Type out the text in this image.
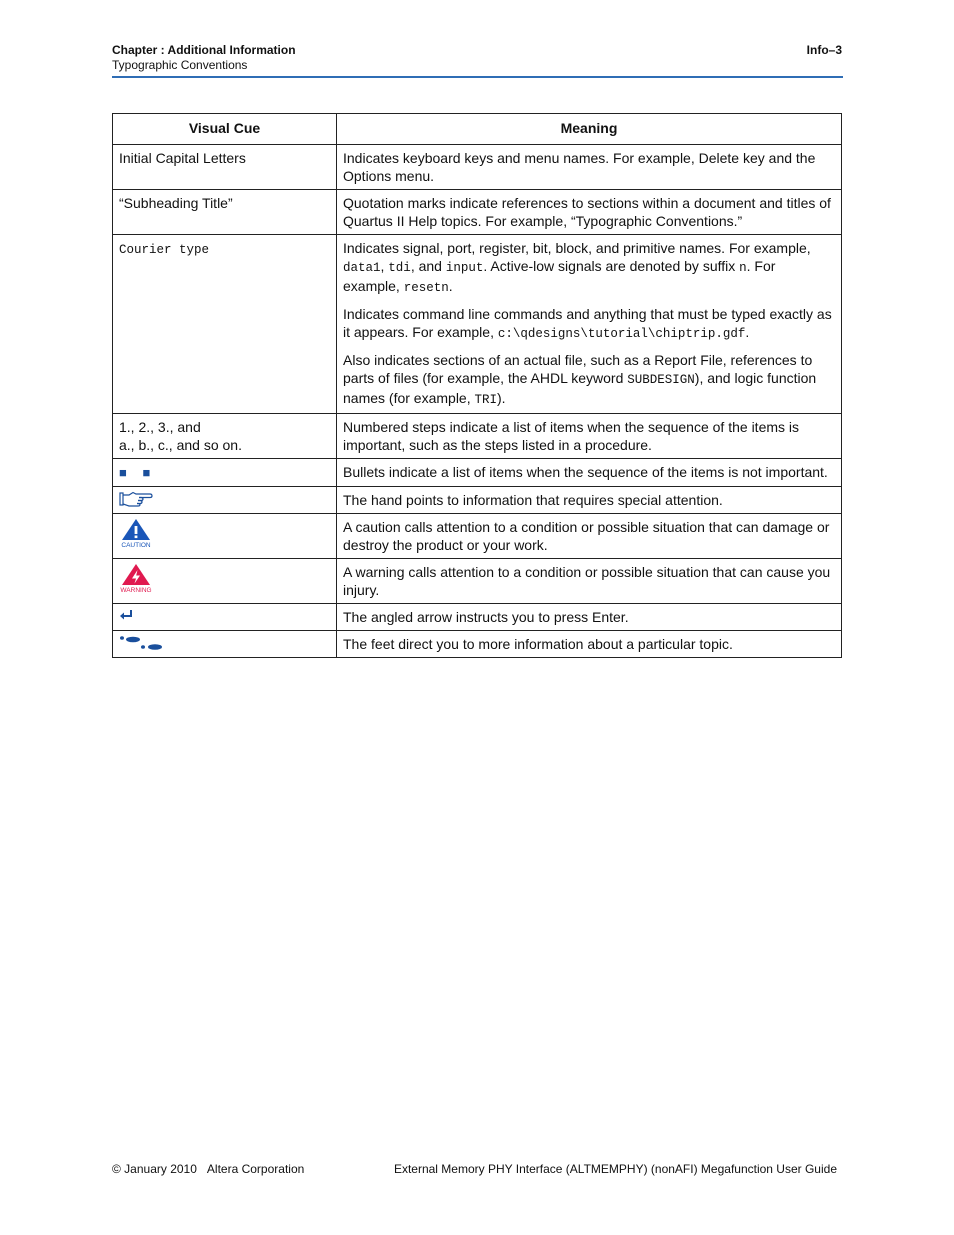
Chapter : Additional Information
Typographic Conventions
Info–3
Visual Cue	Meaning
Initial Capital Letters	Indicates keyboard keys and menu names. For example, Delete key and the Options menu.
“Subheading Title”	Quotation marks indicate references to sections within a document and titles of Quartus II Help topics. For example, “Typographic Conventions.”
Courier type	Indicates signal, port, register, bit, block, and primitive names. For example, data1, tdi, and input. Active-low signals are denoted by suffix n. For example, resetn.

Indicates command line commands and anything that must be typed exactly as it appears. For example, c:\qdesigns\tutorial\chiptrip.gdf.

Also indicates sections of an actual file, such as a Report File, references to parts of files (for example, the AHDL keyword SUBDESIGN), and logic function names (for example, TRI).

1., 2., 3., and
a., b., c., and so on.	Numbered steps indicate a list of items when the sequence of the items is important, such as the steps listed in a procedure.
■ ■	Bullets indicate a list of items when the sequence of the items is not important.

	The hand points to information that requires special attention.

CAUTION	A caution calls attention to a condition or possible situation that can damage or destroy the product or your work.

WARNING	A warning calls attention to a condition or possible situation that can cause you injury.

	The angled arrow instructs you to press Enter.

	The feet direct you to more information about a particular topic.
© January 2010 Altera Corporation	External Memory PHY Interface (ALTMEMPHY) (nonAFI) Megafunction User Guide
